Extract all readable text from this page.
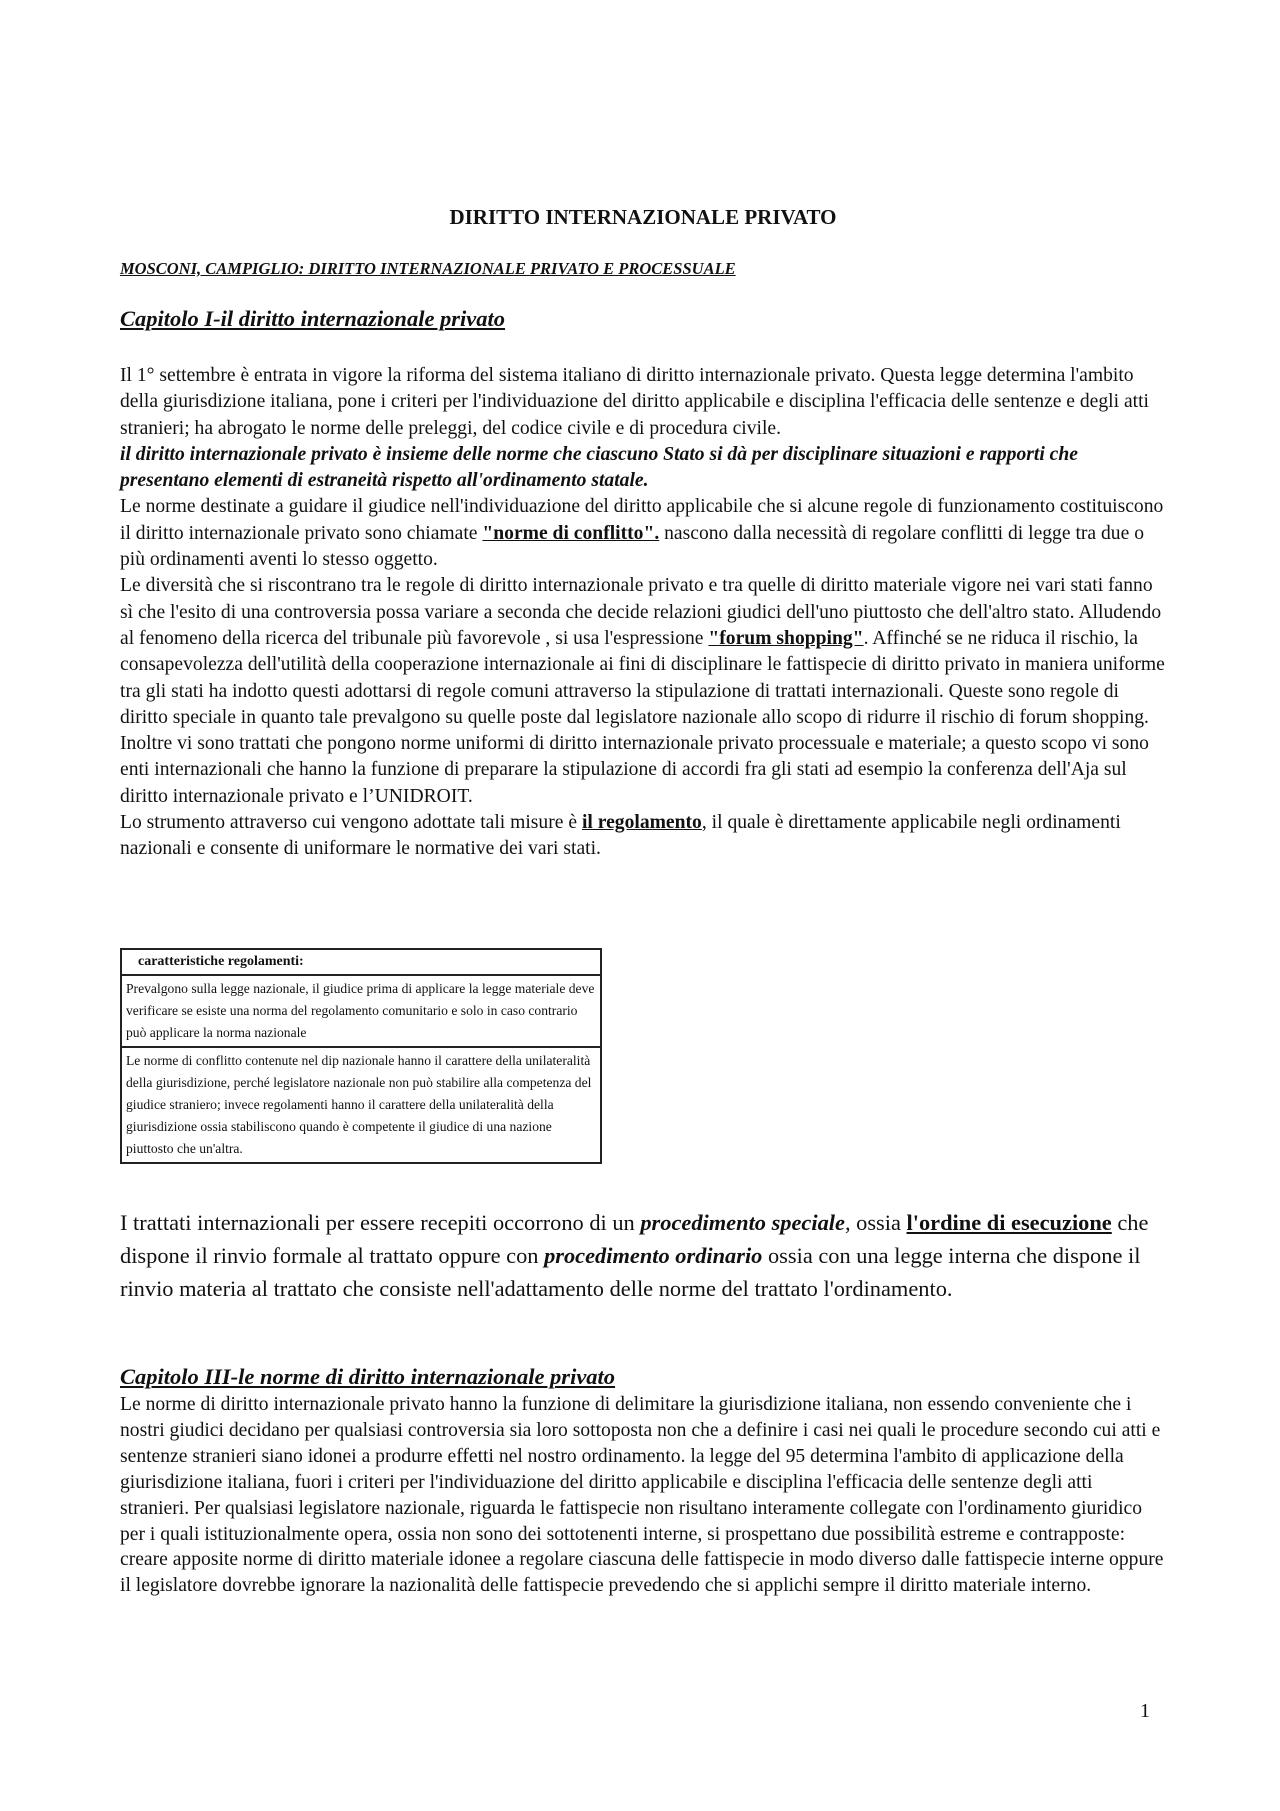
DIRITTO INTERNAZIONALE PRIVATO

MOSCONI, CAMPIGLIO: DIRITTO INTERNAZIONALE PRIVATO E PROCESSUALE

Capitolo I-il diritto internazionale privato

Il 1° settembre è entrata in vigore la riforma del sistema italiano di diritto internazionale privato. Questa legge determina l'ambito della giurisdizione italiana, pone i criteri per l'individuazione del diritto applicabile e disciplina l'efficacia delle sentenze e degli atti stranieri; ha abrogato le norme delle preleggi, del codice civile e di procedura civile.

il diritto internazionale privato è insieme delle norme che ciascuno Stato si dà per disciplinare situazioni e rapporti che presentano elementi di estraneità rispetto all'ordinamento statale.

Le norme destinate a guidare il giudice nell'individuazione del diritto applicabile che si alcune regole di funzionamento costituiscono il diritto internazionale privato sono chiamate "norme di conflitto". nascono dalla necessità di regolare conflitti di legge tra due o più ordinamenti aventi lo stesso oggetto.

Le diversità che si riscontrano tra le regole di diritto internazionale privato e tra quelle di diritto materiale vigore nei vari stati fanno sì che l'esito di una controversia possa variare a seconda che decide relazioni giudici dell'uno piuttosto che dell'altro stato. Alludendo al fenomeno della ricerca del tribunale più favorevole , si usa l'espressione "forum shopping". Affinché se ne riduca il rischio, la consapevolezza dell'utilità della cooperazione internazionale ai fini di disciplinare le fattispecie di diritto privato in maniera uniforme tra gli stati ha indotto questi adottarsi di regole comuni attraverso la stipulazione di trattati internazionali. Queste sono regole di diritto speciale in quanto tale prevalgono su quelle poste dal legislatore nazionale allo scopo di ridurre il rischio di forum shopping. Inoltre vi sono trattati che pongono norme uniformi di diritto internazionale privato processuale e materiale; a questo scopo vi sono enti internazionali che hanno la funzione di preparare la stipulazione di accordi fra gli stati ad esempio la conferenza dell'Aja sul diritto internazionale privato e l’UNIDROIT.

Lo strumento attraverso cui vengono adottate tali misure è il regolamento, il quale è direttamente applicabile negli ordinamenti nazionali e consente di uniformare le normative dei vari stati.

caratteristiche regolamenti:
Prevalgono sulla legge nazionale, il giudice prima di applicare la legge materiale deve verificare se esiste una norma del regolamento comunitario e solo in caso contrario può applicare la norma nazionale
Le norme di conflitto contenute nel dip nazionale hanno il carattere della unilateralità della giurisdizione, perché legislatore nazionale non può stabilire alla competenza del giudice straniero; invece regolamenti hanno il carattere della unilateralità della giurisdizione ossia stabiliscono quando è competente il giudice di una nazione piuttosto che un'altra.

I trattati internazionali per essere recepiti occorrono di un procedimento speciale, ossia l'ordine di esecuzione che dispone il rinvio formale al trattato oppure con procedimento ordinario ossia con una legge interna che dispone il rinvio materia al trattato che consiste nell'adattamento delle norme del trattato l'ordinamento.

Capitolo III-le norme di diritto internazionale privato

Le norme di diritto internazionale privato hanno la funzione di delimitare la giurisdizione italiana, non essendo conveniente che i nostri giudici decidano per qualsiasi controversia sia loro sottoposta non che a definire i casi nei quali le procedure secondo cui atti e sentenze stranieri siano idonei a produrre effetti nel nostro ordinamento. la legge del 95 determina l'ambito di applicazione della giurisdizione italiana, fuori i criteri per l'individuazione del diritto applicabile e disciplina l'efficacia delle sentenze degli atti stranieri. Per qualsiasi legislatore nazionale, riguarda le fattispecie non risultano interamente collegate con l'ordinamento giuridico per i quali istituzionalmente opera, ossia non sono dei sottotenenti interne, si prospettano due possibilità estreme e contrapposte: creare apposite norme di diritto materiale idonee a regolare ciascuna delle fattispecie in modo diverso dalle fattispecie interne oppure il legislatore dovrebbe ignorare la nazionalità delle fattispecie prevedendo che si applichi sempre il diritto materiale interno.

1
